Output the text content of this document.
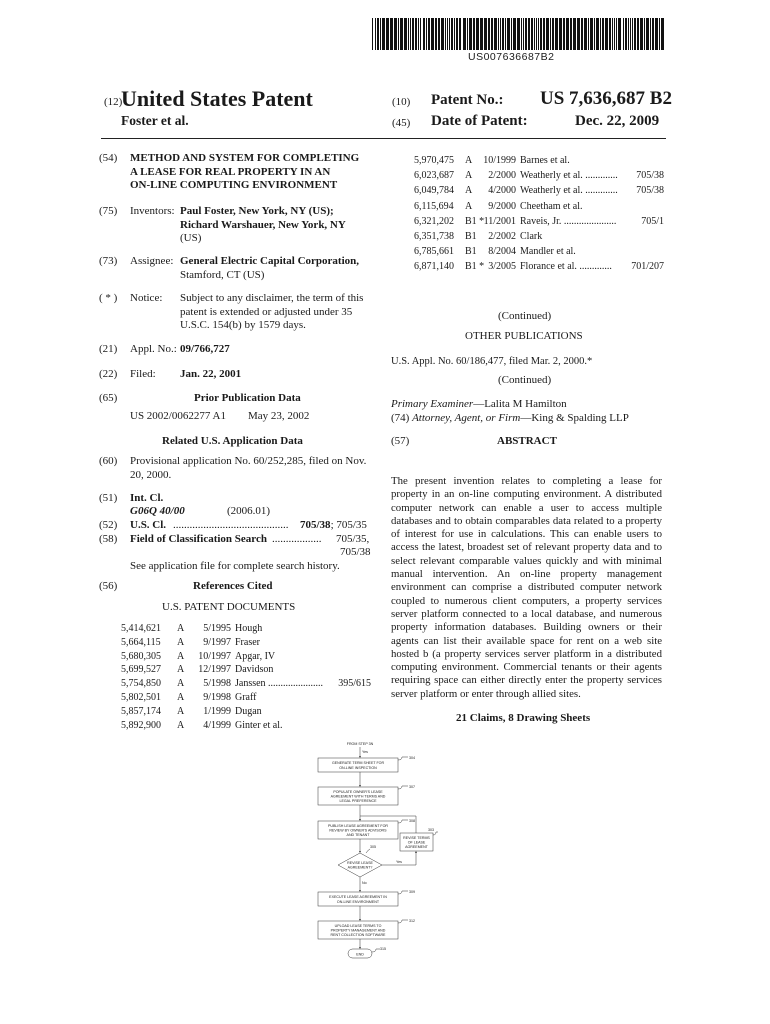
US007636687B2
(12)
United States Patent
Foster et al.
(10) Patent No.: US 7,636,687 B2
(45) Date of Patent:	Dec. 22, 2009
(54) METHOD AND SYSTEM FOR COMPLETING
A LEASE FOR REAL PROPERTY IN AN
ON-LINE COMPUTING ENVIRONMENT
(75) Inventors: Paul Foster, New York, NY (US);
Richard Warshauer, New York, NY
(US)
(73) Assignee: General Electric Capital Corporation,
Stamford, CT (US)
( * ) Notice: Subject to any disclaimer, the term of this
patent is extended or adjusted under 35
U.S.C. 154(b) by 1579 days.
(21) Appl. No.: 09/766,727
(22) Filed: Jan. 22, 2001
(65)	Prior Publication Data
US 2002/0062277 A1 May 23, 2002
Related U.S. Application Data
(60) Provisional application No. 60/252,285, filed on Nov.
20, 2000.
(51) Int. Cl.
G06Q 40/00	(2006.01)
(52) U.S. Cl. ..........................................	705/38; 705/35
(58) Field of Classification Search ..................	705/35,
705/38
See application file for complete search history.
(56)	References Cited
U.S. PATENT DOCUMENTS
5,414,621 A	5/1995 Hough
5,664,115 A	9/1997 Fraser
5,680,305 A	10/1997 Apgar, IV
5,699,527 A	12/1997 Davidson
5,754,850 A	5/1998 Janssen ......................	395/615
5,802,501 A	9/1998 Graff
5,857,174 A	1/1999 Dugan
5,892,900 A	4/1999 Ginter et al.
5,970,475 A	10/1999 Barnes et al.
6,023,687 A	2/2000 Weatherly et al. .............	705/38
6,049,784 A	4/2000 Weatherly et al. .............	705/38
6,115,694 A	9/2000 Cheetham et al.
6,321,202 B1 * 11/2001 Raveis, Jr. .....................	705/1
6,351,738 B1	2/2002 Clark
6,785,661 B1	8/2004 Mandler et al.
6,871,140 B1 * 3/2005 Florance et al. .............	701/207
(Continued)
OTHER PUBLICATIONS
U.S. Appl. No. 60/186,477, filed Mar. 2, 2000.*
(Continued)
Primary Examiner—Lalita M Hamilton
(74) Attorney, Agent, or Firm—King & Spalding LLP
(57)	ABSTRACT
The present invention relates to completing a lease for property in an on-line computing environment. A distributed computer network can enable a user to access multiple databases and to obtain comparables data related to a property of interest for use in calculations. This can enable users to access the latest, broadest set of relevant property data and to select relevant comparable values quickly and with minimal manual intervention. An on-line property management environment can comprise a distributed computer network coupled to numerous client computers, a property services server platform connected to a local database, and numerous property information databases. Building owners or their agents can list their available space for rent on a web site hosted b (a property services server platform in a distributed computing environment. Commercial tenants or their agents requiring space can either directly enter the property services server platform or enter through allied sites.
21 Claims, 8 Drawing Sheets
FROM STEP 3N
Yes
GENERATE TERM SHEET FOR
ON-LINE INSPECTION
304
POPULATE OWNER'S LEASE
AGREEMENT WITH TERMS AND
LEGAL PREFERENCE
307
PUBLISH LEASE AGREEMENT FOR
REVIEW BY OWNER'S ADVISORS
AND TENANT
308
REVISE TERMS
OF LEASE
AGREEMENT
303
REVISE LEASE
AGREEMENT?
305
Yes
No
EXECUTE LEASE AGREEMENT IN
ON-LINE ENVIRONMENT
309
UPLOAD LEASE TERMS TO
PROPERTY MANAGEMENT AND
RENT COLLECTION SOFTWARE
312
END
315
